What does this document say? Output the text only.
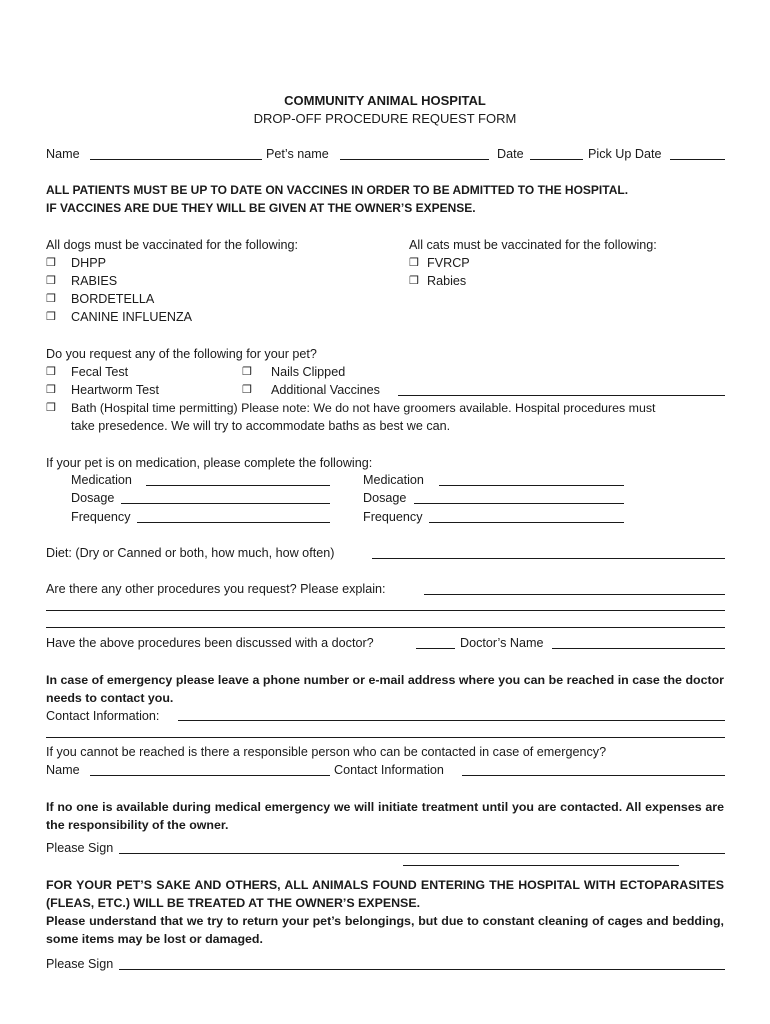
COMMUNITY ANIMAL HOSPITAL
DROP-OFF PROCEDURE REQUEST FORM
Name	Pet’s name	Date	Pick Up Date
ALL PATIENTS MUST BE UP TO DATE ON VACCINES IN ORDER TO BE ADMITTED TO THE HOSPITAL.
IF VACCINES ARE DUE THEY WILL BE GIVEN AT THE OWNER’S EXPENSE.
All dogs must be vaccinated for the following:
❒ DHPP
❒ RABIES
❒ BORDETELLA
❒ CANINE INFLUENZA
All cats must be vaccinated for the following:
❒ FVRCP
❒ Rabies
Do you request any of the following for your pet?
❒ Fecal Test	❒ Nails Clipped
❒ Heartworm Test	❒ Additional Vaccines
❒ Bath (Hospital time permitting) Please note: We do not have groomers available. Hospital procedures must
take presedence. We will try to accommodate baths as best we can.
If your pet is on medication, please complete the following:
Medication
Dosage
Frequency
Medication
Dosage
Frequency
Diet: (Dry or Canned or both, how much, how often)
Are there any other procedures you request? Please explain:
Have the above procedures been discussed with a doctor?	Doctor’s Name
In case of emergency please leave a phone number or e-mail address where you can be reached in case the doctor needs to contact you.
Contact Information:
If you cannot be reached is there a responsible person who can be contacted in case of emergency?
Name	Contact Information
If no one is available during medical emergency we will initiate treatment until you are contacted. All expenses are the responsibility of the owner.
Please Sign
FOR YOUR PET’S SAKE AND OTHERS, ALL ANIMALS FOUND ENTERING THE HOSPITAL WITH ECTOPARASITES (FLEAS, ETC.) WILL BE TREATED AT THE OWNER’S EXPENSE.
Please understand that we try to return your pet’s belongings, but due to constant cleaning of cages and bedding, some items may be lost or damaged.
Please Sign
